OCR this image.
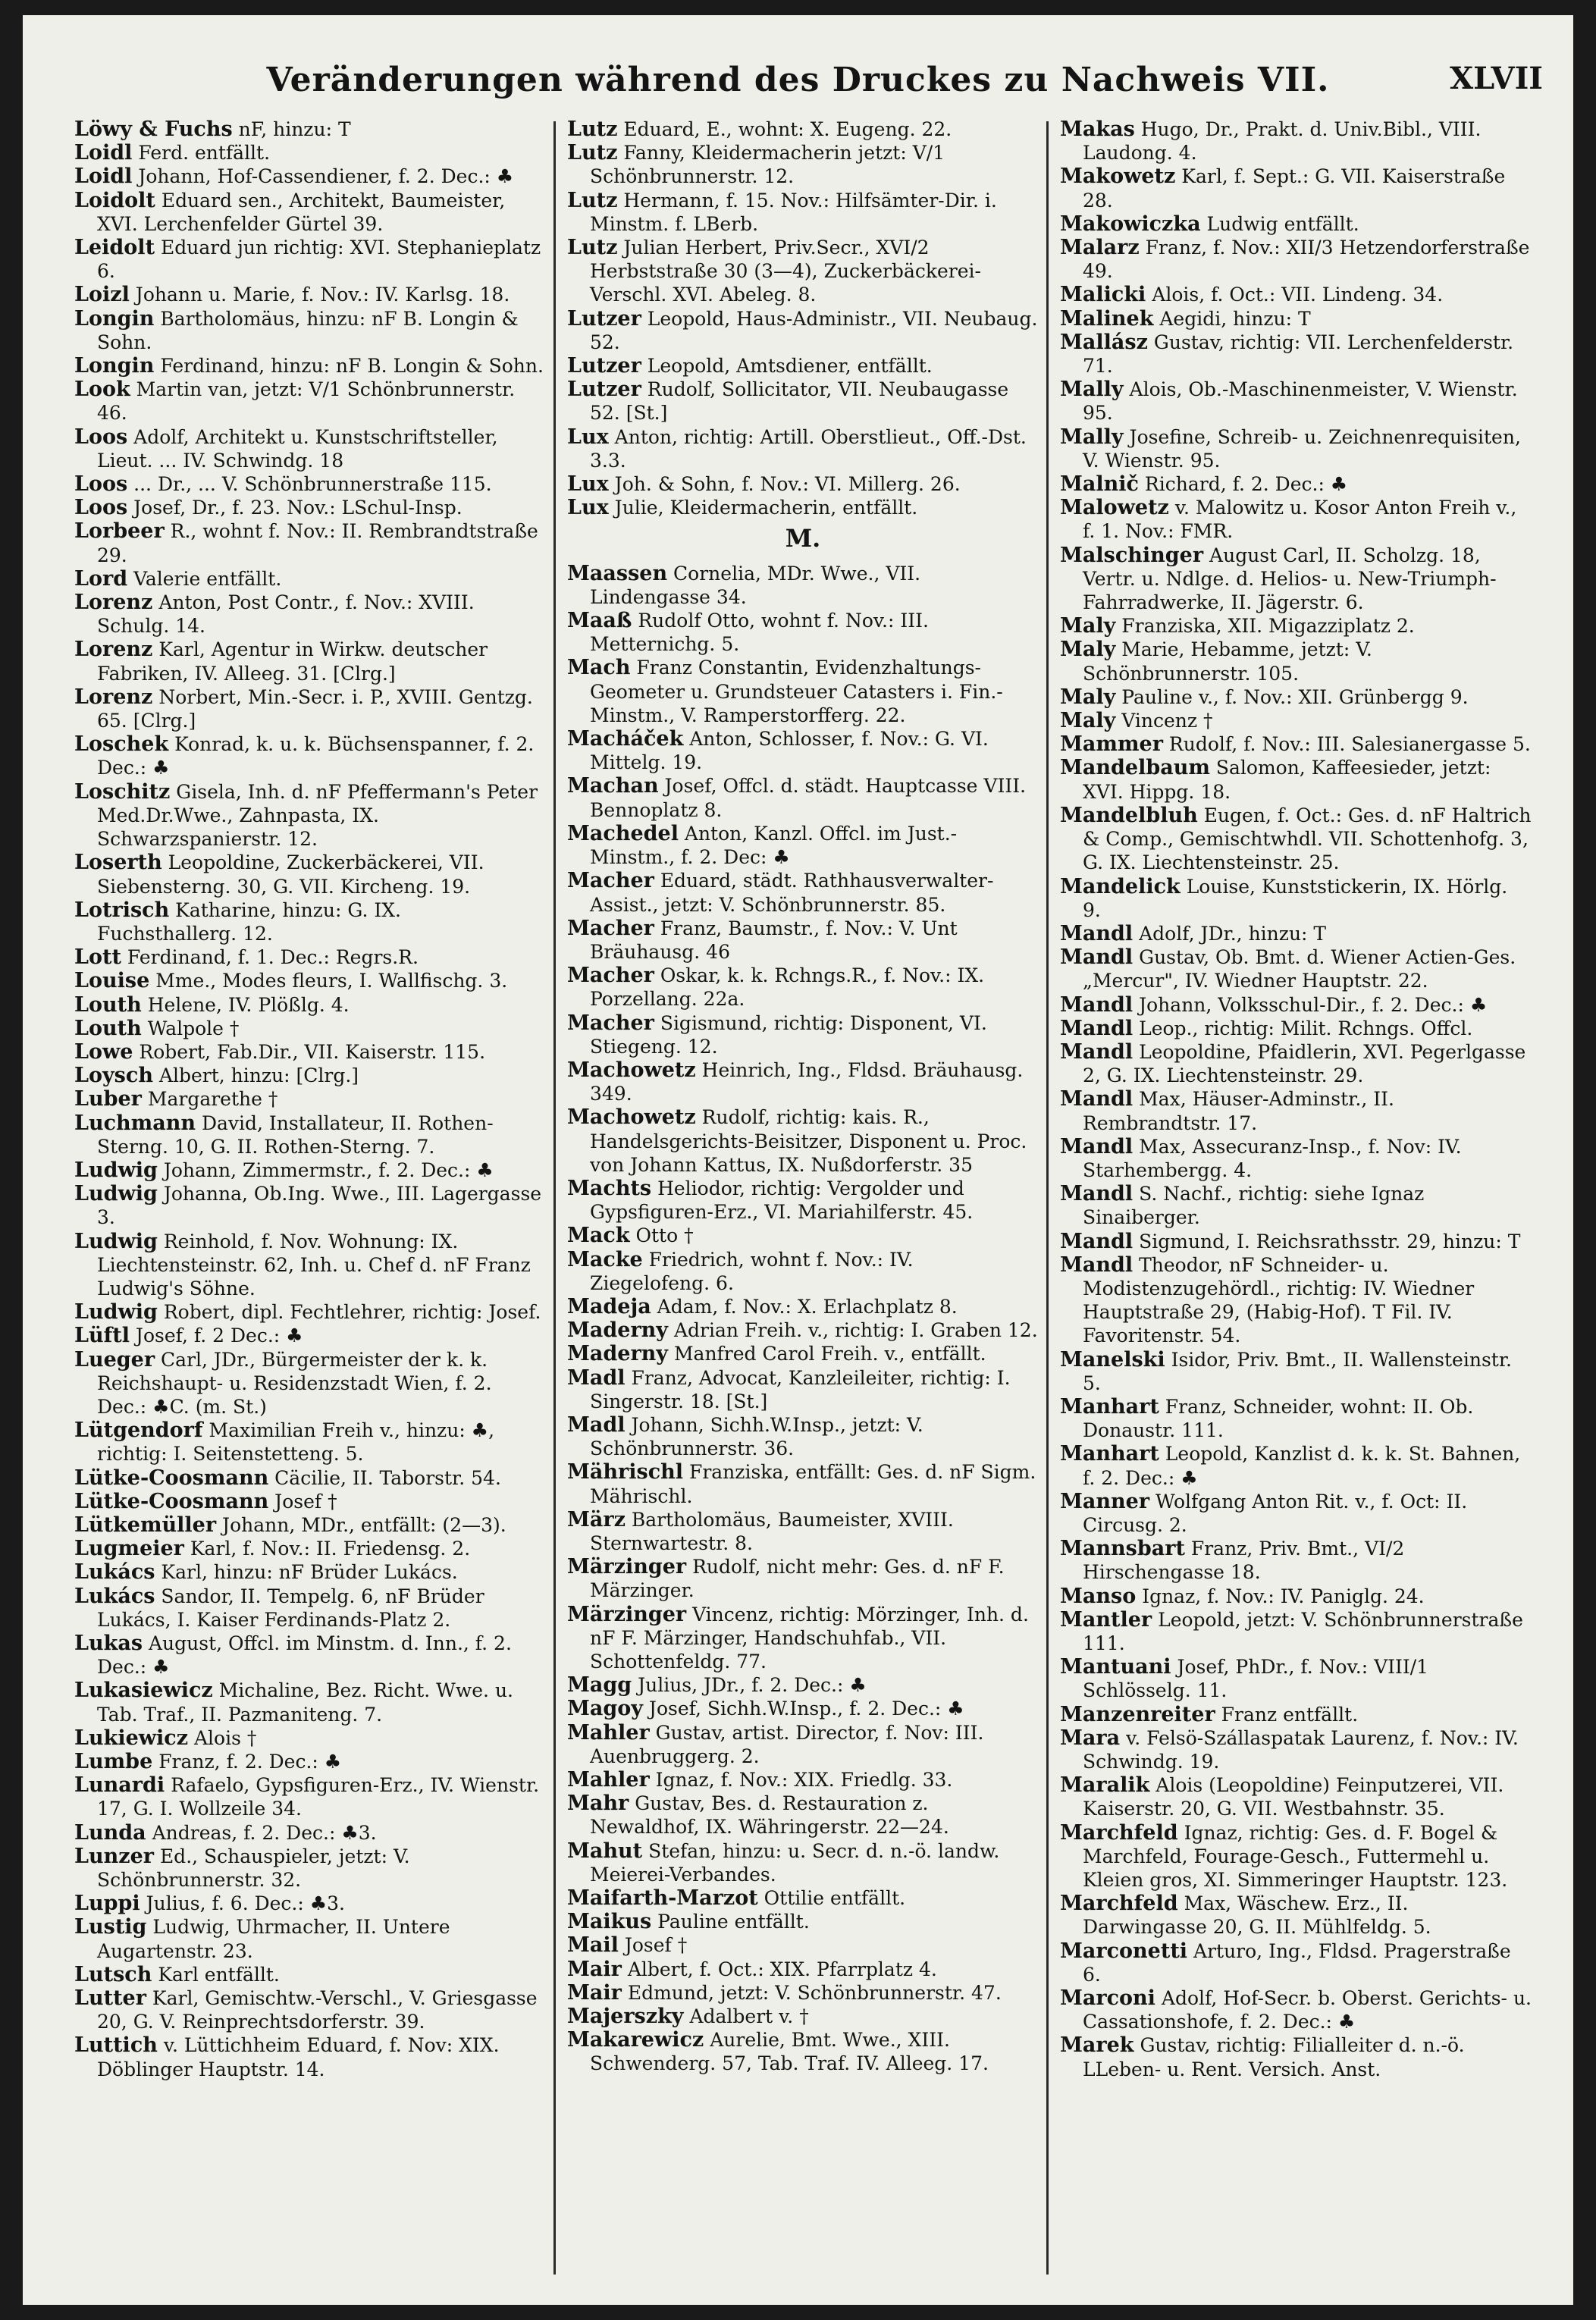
Veränderungen während des Druckes zu Nachweis VII.	XLVII

Löwy & Fuchs nF, hinzu: T

Loidl Ferd. entfällt.

Loidl Johann, Hof-Cassendiener, f. 2. Dec.: ♣

Loidolt Eduard sen., Architekt, Baumeister, XVI. Lerchenfelder Gürtel 39.

Leidolt Eduard jun richtig: XVI. Stephanieplatz 6.

Loizl Johann u. Marie, f. Nov.: IV. Karlsg. 18.

Longin Bartholomäus, hinzu: nF B. Longin & Sohn.

Longin Ferdinand, hinzu: nF B. Longin & Sohn.

Look Martin van, jetzt: V/1 Schönbrunnerstr. 46.

Loos Adolf, Architekt u. Kunstschriftsteller, Lieut. ... IV. Schwindg. 18

Loos ... Dr., ... V. Schönbrunnerstraße 115.

Loos Josef, Dr., f. 23. Nov.: LSchul-Insp.

Lorbeer R., wohnt f. Nov.: II. Rembrandtstraße 29.

Lord Valerie entfällt.

Lorenz Anton, Post Contr., f. Nov.: XVIII. Schulg. 14.

Lorenz Karl, Agentur in Wirkw. deutscher Fabriken, IV. Alleeg. 31. [Clrg.]

Lorenz Norbert, Min.-Secr. i. P., XVIII. Gentzg. 65. [Clrg.]

Loschek Konrad, k. u. k. Büchsenspanner, f. 2. Dec.: ♣

Loschitz Gisela, Inh. d. nF Pfeffermann's Peter Med.Dr.Wwe., Zahnpasta, IX. Schwarzspanierstr. 12.

Loserth Leopoldine, Zuckerbäckerei, VII. Siebensterng. 30, G. VII. Kircheng. 19.

Lotrisch Katharine, hinzu: G. IX. Fuchsthallerg. 12.

Lott Ferdinand, f. 1. Dec.: Regrs.R.

Louise Mme., Modes fleurs, I. Wallfischg. 3.

Louth Helene, IV. Plößlg. 4.

Louth Walpole †

Lowe Robert, Fab.Dir., VII. Kaiserstr. 115.

Loysch Albert, hinzu: [Clrg.]

Luber Margarethe †

Luchmann David, Installateur, II. Rothen-Sterng. 10, G. II. Rothen-Sterng. 7.

Ludwig Johann, Zimmermstr., f. 2. Dec.: ♣

Ludwig Johanna, Ob.Ing. Wwe., III. Lagergasse 3.

Ludwig Reinhold, f. Nov. Wohnung: IX. Liechtensteinstr. 62, Inh. u. Chef d. nF Franz Ludwig's Söhne.

Ludwig Robert, dipl. Fechtlehrer, richtig: Josef.

Lüftl Josef, f. 2 Dec.: ♣

Lueger Carl, JDr., Bürgermeister der k. k. Reichshaupt- u. Residenzstadt Wien, f. 2. Dec.: ♣C. (m. St.)

Lütgendorf Maximilian Freih v., hinzu: ♣, richtig: I. Seitenstetteng. 5.

Lütke-Coosmann Cäcilie, II. Taborstr. 54.

Lütke-Coosmann Josef †

Lütkemüller Johann, MDr., entfällt: (2—3).

Lugmeier Karl, f. Nov.: II. Friedensg. 2.

Lukács Karl, hinzu: nF Brüder Lukács.

Lukács Sandor, II. Tempelg. 6, nF Brüder Lukács, I. Kaiser Ferdinands-Platz 2.

Lukas August, Offcl. im Minstm. d. Inn., f. 2. Dec.: ♣

Lukasiewicz Michaline, Bez. Richt. Wwe. u. Tab. Traf., II. Pazmaniteng. 7.

Lukiewicz Alois †

Lumbe Franz, f. 2. Dec.: ♣

Lunardi Rafaelo, Gypsfiguren-Erz., IV. Wienstr. 17, G. I. Wollzeile 34.

Lunda Andreas, f. 2. Dec.: ♣3.

Lunzer Ed., Schauspieler, jetzt: V. Schönbrunnerstr. 32.

Luppi Julius, f. 6. Dec.: ♣3.

Lustig Ludwig, Uhrmacher, II. Untere Augartenstr. 23.

Lutsch Karl entfällt.

Lutter Karl, Gemischtw.-Verschl., V. Griesgasse 20, G. V. Reinprechtsdorferstr. 39.

Luttich v. Lüttichheim Eduard, f. Nov: XIX. Döblinger Hauptstr. 14.

Lutz Eduard, E., wohnt: X. Eugeng. 22.

Lutz Fanny, Kleidermacherin jetzt: V/1 Schönbrunnerstr. 12.

Lutz Hermann, f. 15. Nov.: Hilfsämter-Dir. i. Minstm. f. LBerb.

Lutz Julian Herbert, Priv.Secr., XVI/2 Herbststraße 30 (3—4), Zuckerbäckerei-Verschl. XVI. Abeleg. 8.

Lutzer Leopold, Haus-Administr., VII. Neubaug. 52.

Lutzer Leopold, Amtsdiener, entfällt.

Lutzer Rudolf, Sollicitator, VII. Neubaugasse 52. [St.]

Lux Anton, richtig: Artill. Oberstlieut., Off.-Dst. 3.3.

Lux Joh. & Sohn, f. Nov.: VI. Millerg. 26.

Lux Julie, Kleidermacherin, entfällt.

M.

Maassen Cornelia, MDr. Wwe., VII. Lindengasse 34.

Maaß Rudolf Otto, wohnt f. Nov.: III. Metternichg. 5.

Mach Franz Constantin, Evidenzhaltungs-Geometer u. Grundsteuer Catasters i. Fin.-Minstm., V. Ramperstorfferg. 22.

Macháček Anton, Schlosser, f. Nov.: G. VI. Mittelg. 19.

Machan Josef, Offcl. d. städt. Hauptcasse VIII. Bennoplatz 8.

Machedel Anton, Kanzl. Offcl. im Just.-Minstm., f. 2. Dec: ♣

Macher Eduard, städt. Rathhausverwalter-Assist., jetzt: V. Schönbrunnerstr. 85.

Macher Franz, Baumstr., f. Nov.: V. Unt Bräuhausg. 46

Macher Oskar, k. k. Rchngs.R., f. Nov.: IX. Porzellang. 22a.

Macher Sigismund, richtig: Disponent, VI. Stiegeng. 12.

Machowetz Heinrich, Ing., Fldsd. Bräuhausg. 349.

Machowetz Rudolf, richtig: kais. R., Handelsgerichts-Beisitzer, Disponent u. Proc. von Johann Kattus, IX. Nußdorferstr. 35

Machts Heliodor, richtig: Vergolder und Gypsfiguren-Erz., VI. Mariahilferstr. 45.

Mack Otto †

Macke Friedrich, wohnt f. Nov.: IV. Ziegelofeng. 6.

Madeja Adam, f. Nov.: X. Erlachplatz 8.

Maderny Adrian Freih. v., richtig: I. Graben 12.

Maderny Manfred Carol Freih. v., entfällt.

Madl Franz, Advocat, Kanzleileiter, richtig: I. Singerstr. 18. [St.]

Madl Johann, Sichh.W.Insp., jetzt: V. Schönbrunnerstr. 36.

Mährischl Franziska, entfällt: Ges. d. nF Sigm. Mährischl.

März Bartholomäus, Baumeister, XVIII. Sternwartestr. 8.

Märzinger Rudolf, nicht mehr: Ges. d. nF F. Märzinger.

Märzinger Vincenz, richtig: Mörzinger, Inh. d. nF F. Märzinger, Handschuhfab., VII. Schottenfeldg. 77.

Magg Julius, JDr., f. 2. Dec.: ♣

Magoy Josef, Sichh.W.Insp., f. 2. Dec.: ♣

Mahler Gustav, artist. Director, f. Nov: III. Auenbruggerg. 2.

Mahler Ignaz, f. Nov.: XIX. Friedlg. 33.

Mahr Gustav, Bes. d. Restauration z. Newaldhof, IX. Währingerstr. 22—24.

Mahut Stefan, hinzu: u. Secr. d. n.-ö. landw. Meierei-Verbandes.

Maifarth-Marzot Ottilie entfällt.

Maikus Pauline entfällt.

Mail Josef †

Mair Albert, f. Oct.: XIX. Pfarrplatz 4.

Mair Edmund, jetzt: V. Schönbrunnerstr. 47.

Majerszky Adalbert v. †

Makarewicz Aurelie, Bmt. Wwe., XIII. Schwenderg. 57, Tab. Traf. IV. Alleeg. 17.

Makas Hugo, Dr., Prakt. d. Univ.Bibl., VIII. Laudong. 4.

Makowetz Karl, f. Sept.: G. VII. Kaiserstraße 28.

Makowiczka Ludwig entfällt.

Malarz Franz, f. Nov.: XII/3 Hetzendorferstraße 49.

Malicki Alois, f. Oct.: VII. Lindeng. 34.

Malinek Aegidi, hinzu: T

Mallász Gustav, richtig: VII. Lerchenfelderstr. 71.

Mally Alois, Ob.-Maschinenmeister, V. Wienstr. 95.

Mally Josefine, Schreib- u. Zeichnenrequisiten, V. Wienstr. 95.

Malnič Richard, f. 2. Dec.: ♣

Malowetz v. Malowitz u. Kosor Anton Freih v., f. 1. Nov.: FMR.

Malschinger August Carl, II. Scholzg. 18, Vertr. u. Ndlge. d. Helios- u. New-Triumph-Fahrradwerke, II. Jägerstr. 6.

Maly Franziska, XII. Migazziplatz 2.

Maly Marie, Hebamme, jetzt: V. Schönbrunnerstr. 105.

Maly Pauline v., f. Nov.: XII. Grünbergg 9.

Maly Vincenz †

Mammer Rudolf, f. Nov.: III. Salesianergasse 5.

Mandelbaum Salomon, Kaffeesieder, jetzt: XVI. Hippg. 18.

Mandelbluh Eugen, f. Oct.: Ges. d. nF Haltrich & Comp., Gemischtwhdl. VII. Schottenhofg. 3, G. IX. Liechtensteinstr. 25.

Mandelick Louise, Kunststickerin, IX. Hörlg. 9.

Mandl Adolf, JDr., hinzu: T

Mandl Gustav, Ob. Bmt. d. Wiener Actien-Ges. „Mercur", IV. Wiedner Hauptstr. 22.

Mandl Johann, Volksschul-Dir., f. 2. Dec.: ♣

Mandl Leop., richtig: Milit. Rchngs. Offcl.

Mandl Leopoldine, Pfaidlerin, XVI. Pegerlgasse 2, G. IX. Liechtensteinstr. 29.

Mandl Max, Häuser-Adminstr., II. Rembrandtstr. 17.

Mandl Max, Assecuranz-Insp., f. Nov: IV. Starhembergg. 4.

Mandl S. Nachf., richtig: siehe Ignaz Sinaiberger.

Mandl Sigmund, I. Reichsrathsstr. 29, hinzu: T

Mandl Theodor, nF Schneider- u. Modistenzugehördl., richtig: IV. Wiedner Hauptstraße 29, (Habig-Hof). T Fil. IV. Favoritenstr. 54.

Manelski Isidor, Priv. Bmt., II. Wallensteinstr. 5.

Manhart Franz, Schneider, wohnt: II. Ob. Donaustr. 111.

Manhart Leopold, Kanzlist d. k. k. St. Bahnen, f. 2. Dec.: ♣

Manner Wolfgang Anton Rit. v., f. Oct: II. Circusg. 2.

Mannsbart Franz, Priv. Bmt., VI/2 Hirschengasse 18.

Manso Ignaz, f. Nov.: IV. Paniglg. 24.

Mantler Leopold, jetzt: V. Schönbrunnerstraße 111.

Mantuani Josef, PhDr., f. Nov.: VIII/1 Schlösselg. 11.

Manzenreiter Franz entfällt.

Mara v. Felsö-Szállaspatak Laurenz, f. Nov.: IV. Schwindg. 19.

Maralik Alois (Leopoldine) Feinputzerei, VII. Kaiserstr. 20, G. VII. Westbahnstr. 35.

Marchfeld Ignaz, richtig: Ges. d. F. Bogel & Marchfeld, Fourage-Gesch., Futtermehl u. Kleien gros, XI. Simmeringer Hauptstr. 123.

Marchfeld Max, Wäschew. Erz., II. Darwingasse 20, G. II. Mühlfeldg. 5.

Marconetti Arturo, Ing., Fldsd. Pragerstraße 6.

Marconi Adolf, Hof-Secr. b. Oberst. Gerichts- u. Cassationshofe, f. 2. Dec.: ♣

Marek Gustav, richtig: Filialleiter d. n.-ö. LLeben- u. Rent. Versich. Anst.
